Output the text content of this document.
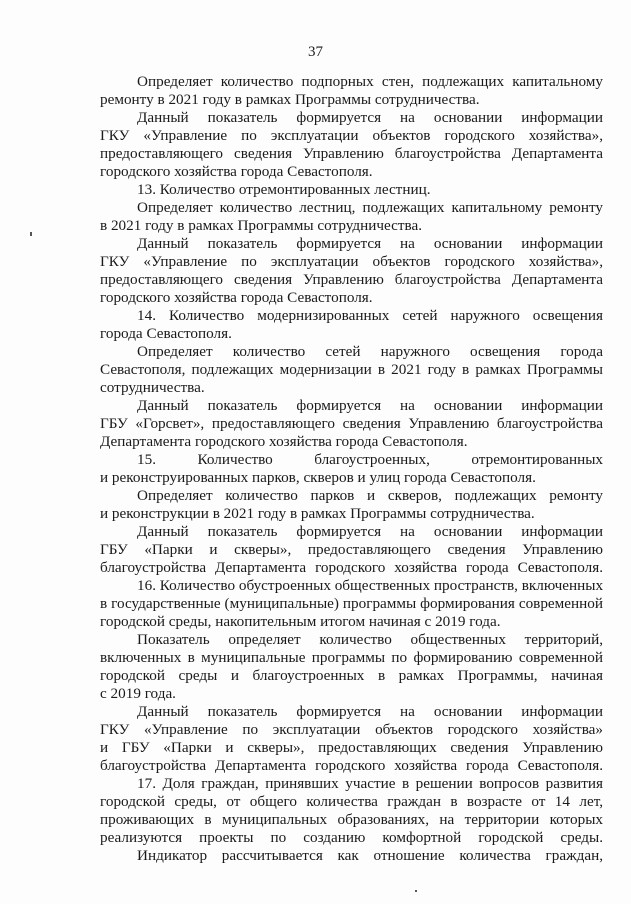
37
Определяет количество подпорных стен, подлежащих капитальному
ремонту в 2021 году в рамках Программы сотрудничества.
Данный показатель формируется на основании информации
ГКУ «Управление по эксплуатации объектов городского хозяйства»,
предоставляющего сведения Управлению благоустройства Департамента
городского хозяйства города Севастополя.
13. Количество отремонтированных лестниц.
Определяет количество лестниц, подлежащих капитальному ремонту
в 2021 году в рамках Программы сотрудничества.
Данный показатель формируется на основании информации
ГКУ «Управление по эксплуатации объектов городского хозяйства»,
предоставляющего сведения Управлению благоустройства Департамента
городского хозяйства города Севастополя.
14. Количество модернизированных сетей наружного освещения
города Севастополя.
Определяет количество сетей наружного освещения города
Севастополя, подлежащих модернизации в 2021 году в рамках Программы
сотрудничества.
Данный показатель формируется на основании информации
ГБУ «Горсвет», предоставляющего сведения Управлению благоустройства
Департамента городского хозяйства города Севастополя.
15. Количество благоустроенных, отремонтированных
и реконструированных парков, скверов и улиц города Севастополя.
Определяет количество парков и скверов, подлежащих ремонту
и реконструкции в 2021 году в рамках Программы сотрудничества.
Данный показатель формируется на основании информации
ГБУ «Парки и скверы», предоставляющего сведения Управлению
благоустройства Департамента городского хозяйства города Севастополя.
16. Количество обустроенных общественных пространств, включенных
в государственные (муниципальные) программы формирования современной
городской среды, накопительным итогом начиная с 2019 года.
Показатель определяет количество общественных территорий,
включенных в муниципальные программы по формированию современной
городской среды и благоустроенных в рамках Программы, начиная
с 2019 года.
Данный показатель формируется на основании информации
ГКУ «Управление по эксплуатации объектов городского хозяйства»
и ГБУ «Парки и скверы», предоставляющих сведения Управлению
благоустройства Департамента городского хозяйства города Севастополя.
17. Доля граждан, принявших участие в решении вопросов развития
городской среды, от общего количества граждан в возрасте от 14 лет,
проживающих в муниципальных образованиях, на территории которых
реализуются проекты по созданию комфортной городской среды.
Индикатор рассчитывается как отношение количества граждан,
